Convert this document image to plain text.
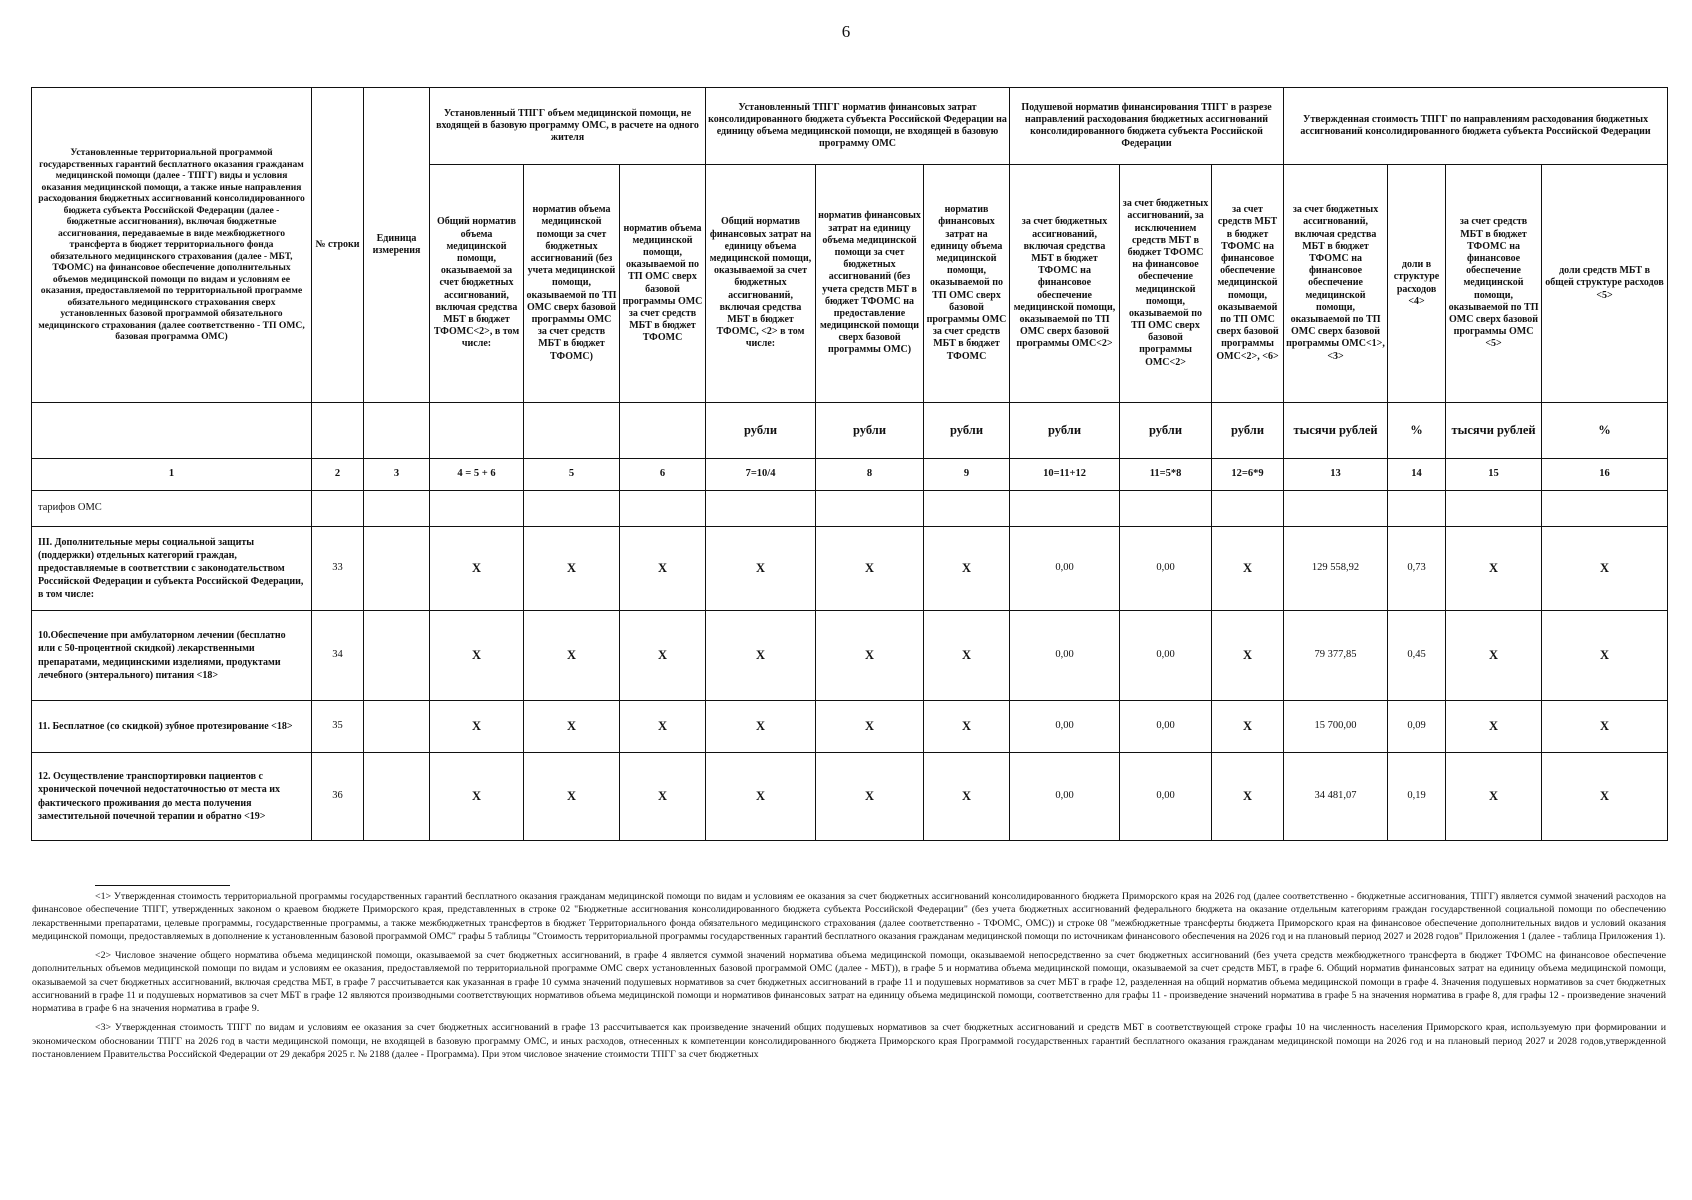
6
Установленные территориальной программой государственных гарантий бесплатного оказания гражданам медицинской помощи (далее - ТПГГ) виды и условия оказания медицинской помощи, а также иные направления расходования бюджетных ассигнований консолидированного бюджета субъекта Российской Федерации (далее - бюджетные ассигнования), включая бюджетные ассигнования, передаваемые в виде межбюджетного трансферта в бюджет территориального фонда обязательного медицинского страхования (далее - МБТ, ТФОМС) на финансовое обеспечение дополнительных объемов медицинской помощи по видам и условиям ее оказания, предоставляемой по территориальной программе обязательного медицинского страхования сверх установленных базовой программой обязательного медицинского страхования (далее соответственно - ТП ОМС, базовая программа ОМС)	№ строки	Единица измерения	Установленный ТПГГ объем медицинской помощи, не входящей в базовую программу ОМС, в расчете на одного жителя			Установленный ТПГГ норматив финансовых затрат консолидированного бюджета субъекта Российской Федерации на единицу объема медицинской помощи, не входящей в базовую программу ОМС			Подушевой норматив финансирования ТПГГ в разрезе направлений расходования бюджетных ассигнований консолидированного бюджета субъекта Российской Федерации			Утвержденная стоимость ТПГГ по направлениям расходования бюджетных ассигнований консолидированного бюджета субъекта Российской Федерации			
			Общий норматив объема медицинской помощи, оказываемой за счет бюджетных ассигнований, включая средства МБТ в бюджет ТФОМС<2>, в том числе:	норматив объема медицинской помощи за счет бюджетных ассигнований (без учета медицинской помощи, оказываемой по ТП ОМС сверх базовой программы ОМС за счет средств МБТ в бюджет ТФОМС)	норматив объема медицинской помощи, оказываемой по ТП ОМС сверх базовой программы ОМС за счет средств МБТ в бюджет ТФОМС	Общий норматив финансовых затрат на единицу объема медицинской помощи, оказываемой за счет бюджетных ассигнований, включая средства МБТ в бюджет ТФОМС, <2> в том числе:	норматив финансовых затрат на единицу объема медицинской помощи за счет бюджетных ассигнований (без учета средств МБТ в бюджет ТФОМС на предоставление медицинской помощи сверх базовой программы ОМС)	норматив финансовых затрат на единицу объема медицинской помощи, оказываемой по ТП ОМС сверх базовой программы ОМС за счет средств МБТ в бюджет ТФОМС	за счет бюджетных ассигнований, включая средства МБТ в бюджет ТФОМС на финансовое обеспечение медицинской помощи, оказываемой по ТП ОМС сверх базовой программы ОМС<2>	за счет бюджетных ассигнований, за исключением средств МБТ в бюджет ТФОМС на финансовое обеспечение медицинской помощи, оказываемой по ТП ОМС сверх базовой программы ОМС<2>	за счет средств МБТ в бюджет ТФОМС на финансовое обеспечение медицинской помощи, оказываемой по ТП ОМС сверх базовой программы ОМС<2>, <6>	за счет бюджетных ассигнований, включая средства МБТ в бюджет ТФОМС на финансовое обеспечение медицинской помощи, оказываемой по ТП ОМС сверх базовой программы ОМС<1>, <3>	доли в структуре расходов <4>	за счет средств МБТ в бюджет ТФОМС на финансовое обеспечение медицинской помощи, оказываемой по ТП ОМС сверх базовой программы ОМС <5>	доли средств МБТ в общей структуре расходов <5>
						рубли	рубли	рубли	рубли	рубли	рубли	тысячи рублей	%	тысячи рублей	%
1	2	3	4 = 5 + 6	5	6	7=10/4	8	9	10=11+12	11=5*8	12=6*9	13	14	15	16
тарифов ОМС															
III. Дополнительные меры социальной защиты (поддержки) отдельных категорий граждан, предоставляемые в соответствии с законодательством Российской Федерации и субъекта Российской Федерации, в том числе:	33		X	X	X	X	X	X	0,00	0,00	X	129 558,92	0,73	X	X
10.Обеспечение при амбулаторном лечении (бесплатно или с 50-процентной скидкой) лекарственными препаратами, медицинскими изделиями, продуктами лечебного (энтерального) питания <18>	34		X	X	X	X	X	X	0,00	0,00	X	79 377,85	0,45	X	X
11. Бесплатное (со скидкой) зубное протезирование <18>	35		X	X	X	X	X	X	0,00	0,00	X	15 700,00	0,09	X	X
12. Осуществление транспортировки пациентов с хронической почечной недостаточностью от места их фактического проживания до места получения заместительной почечной терапии и обратно <19>	36		X	X	X	X	X	X	0,00	0,00	X	34 481,07	0,19	X	X

<1> Утвержденная стоимость территориальной программы государственных гарантий бесплатного оказания гражданам медицинской помощи по видам и условиям ее оказания за счет бюджетных ассигнований консолидированного бюджета Приморского края на 2026 год (далее соответственно - бюджетные ассигнования, ТПГГ) является суммой значений расходов на финансовое обеспечение ТПГГ, утвержденных законом о краевом бюджете Приморского края, представленных в строке 02 "Бюджетные ассигнования консолидированного бюджета субъекта Российской Федерации" (без учета бюджетных ассигнований федерального бюджета на оказание отдельным категориям граждан государственной социальной помощи по обеспечению лекарственными препаратами, целевые программы, государственные программы, а также межбюджетных трансфертов в бюджет Территориального фонда обязательного медицинского страхования (далее соответственно - ТФОМС, ОМС)) и строке 08 "межбюджетные трансферты бюджета Приморского края на финансовое обеспечение дополнительных видов и условий оказания медицинской помощи, предоставляемых в дополнение к установленным базовой программой ОМС" графы 5 таблицы "Стоимость территориальной программы государственных гарантий бесплатного оказания гражданам медицинской помощи по источникам финансового обеспечения на 2026 год и на плановый период 2027 и 2028 годов" Приложения 1 (далее - таблица Приложения 1).

<2> Числовое значение общего норматива объема медицинской помощи, оказываемой за счет бюджетных ассигнований, в графе 4 является суммой значений норматива объема медицинской помощи, оказываемой непосредственно за счет бюджетных ассигнований (без учета средств межбюджетного трансферта в бюджет ТФОМС на финансовое обеспечение дополнительных объемов медицинской помощи по видам и условиям ее оказания, предоставляемой по территориальной программе ОМС сверх установленных базовой программой ОМС (далее - МБТ)), в графе 5 и норматива объема медицинской помощи, оказываемой за счет средств МБТ, в графе 6. Общий норматив финансовых затрат на единицу объема медицинской помощи, оказываемой за счет бюджетных ассигнований, включая средства МБТ, в графе 7 рассчитывается как указанная в графе 10 сумма значений подушевых нормативов за счет бюджетных ассигнований в графе 11 и подушевых нормативов за счет МБТ в графе 12, разделенная на общий норматив объема медицинской помощи в графе 4. Значения подушевых нормативов за счет бюджетных ассигнований в графе 11 и подушевых нормативов за счет МБТ в графе 12 являются производными соответствующих нормативов объема медицинской помощи и нормативов финансовых затрат на единицу объема медицинской помощи, соответственно для графы 11 - произведение значений норматива в графе 5 на значения норматива в графе 8, для графы 12 - произведение значений норматива в графе 6 на значения норматива в графе 9.

<3> Утвержденная стоимость ТПГГ по видам и условиям ее оказания за счет бюджетных ассигнований в графе 13 рассчитывается как произведение значений общих подушевых нормативов за счет бюджетных ассигнований и средств МБТ в соответствующей строке графы 10 на численность населения Приморского края, используемую при формировании и экономическом обосновании ТПГГ на 2026 год в части медицинской помощи, не входящей в базовую программу ОМС, и иных расходов, отнесенных к компетенции консолидированного бюджета Приморского края Программой государственных гарантий бесплатного оказания гражданам медицинской помощи на 2026 год и на плановый период 2027 и 2028 годов,утвержденной постановлением Правительства Российской Федерации от 29 декабря 2025 г. № 2188 (далее - Программа). При этом числовое значение стоимости ТПГГ за счет бюджетных
